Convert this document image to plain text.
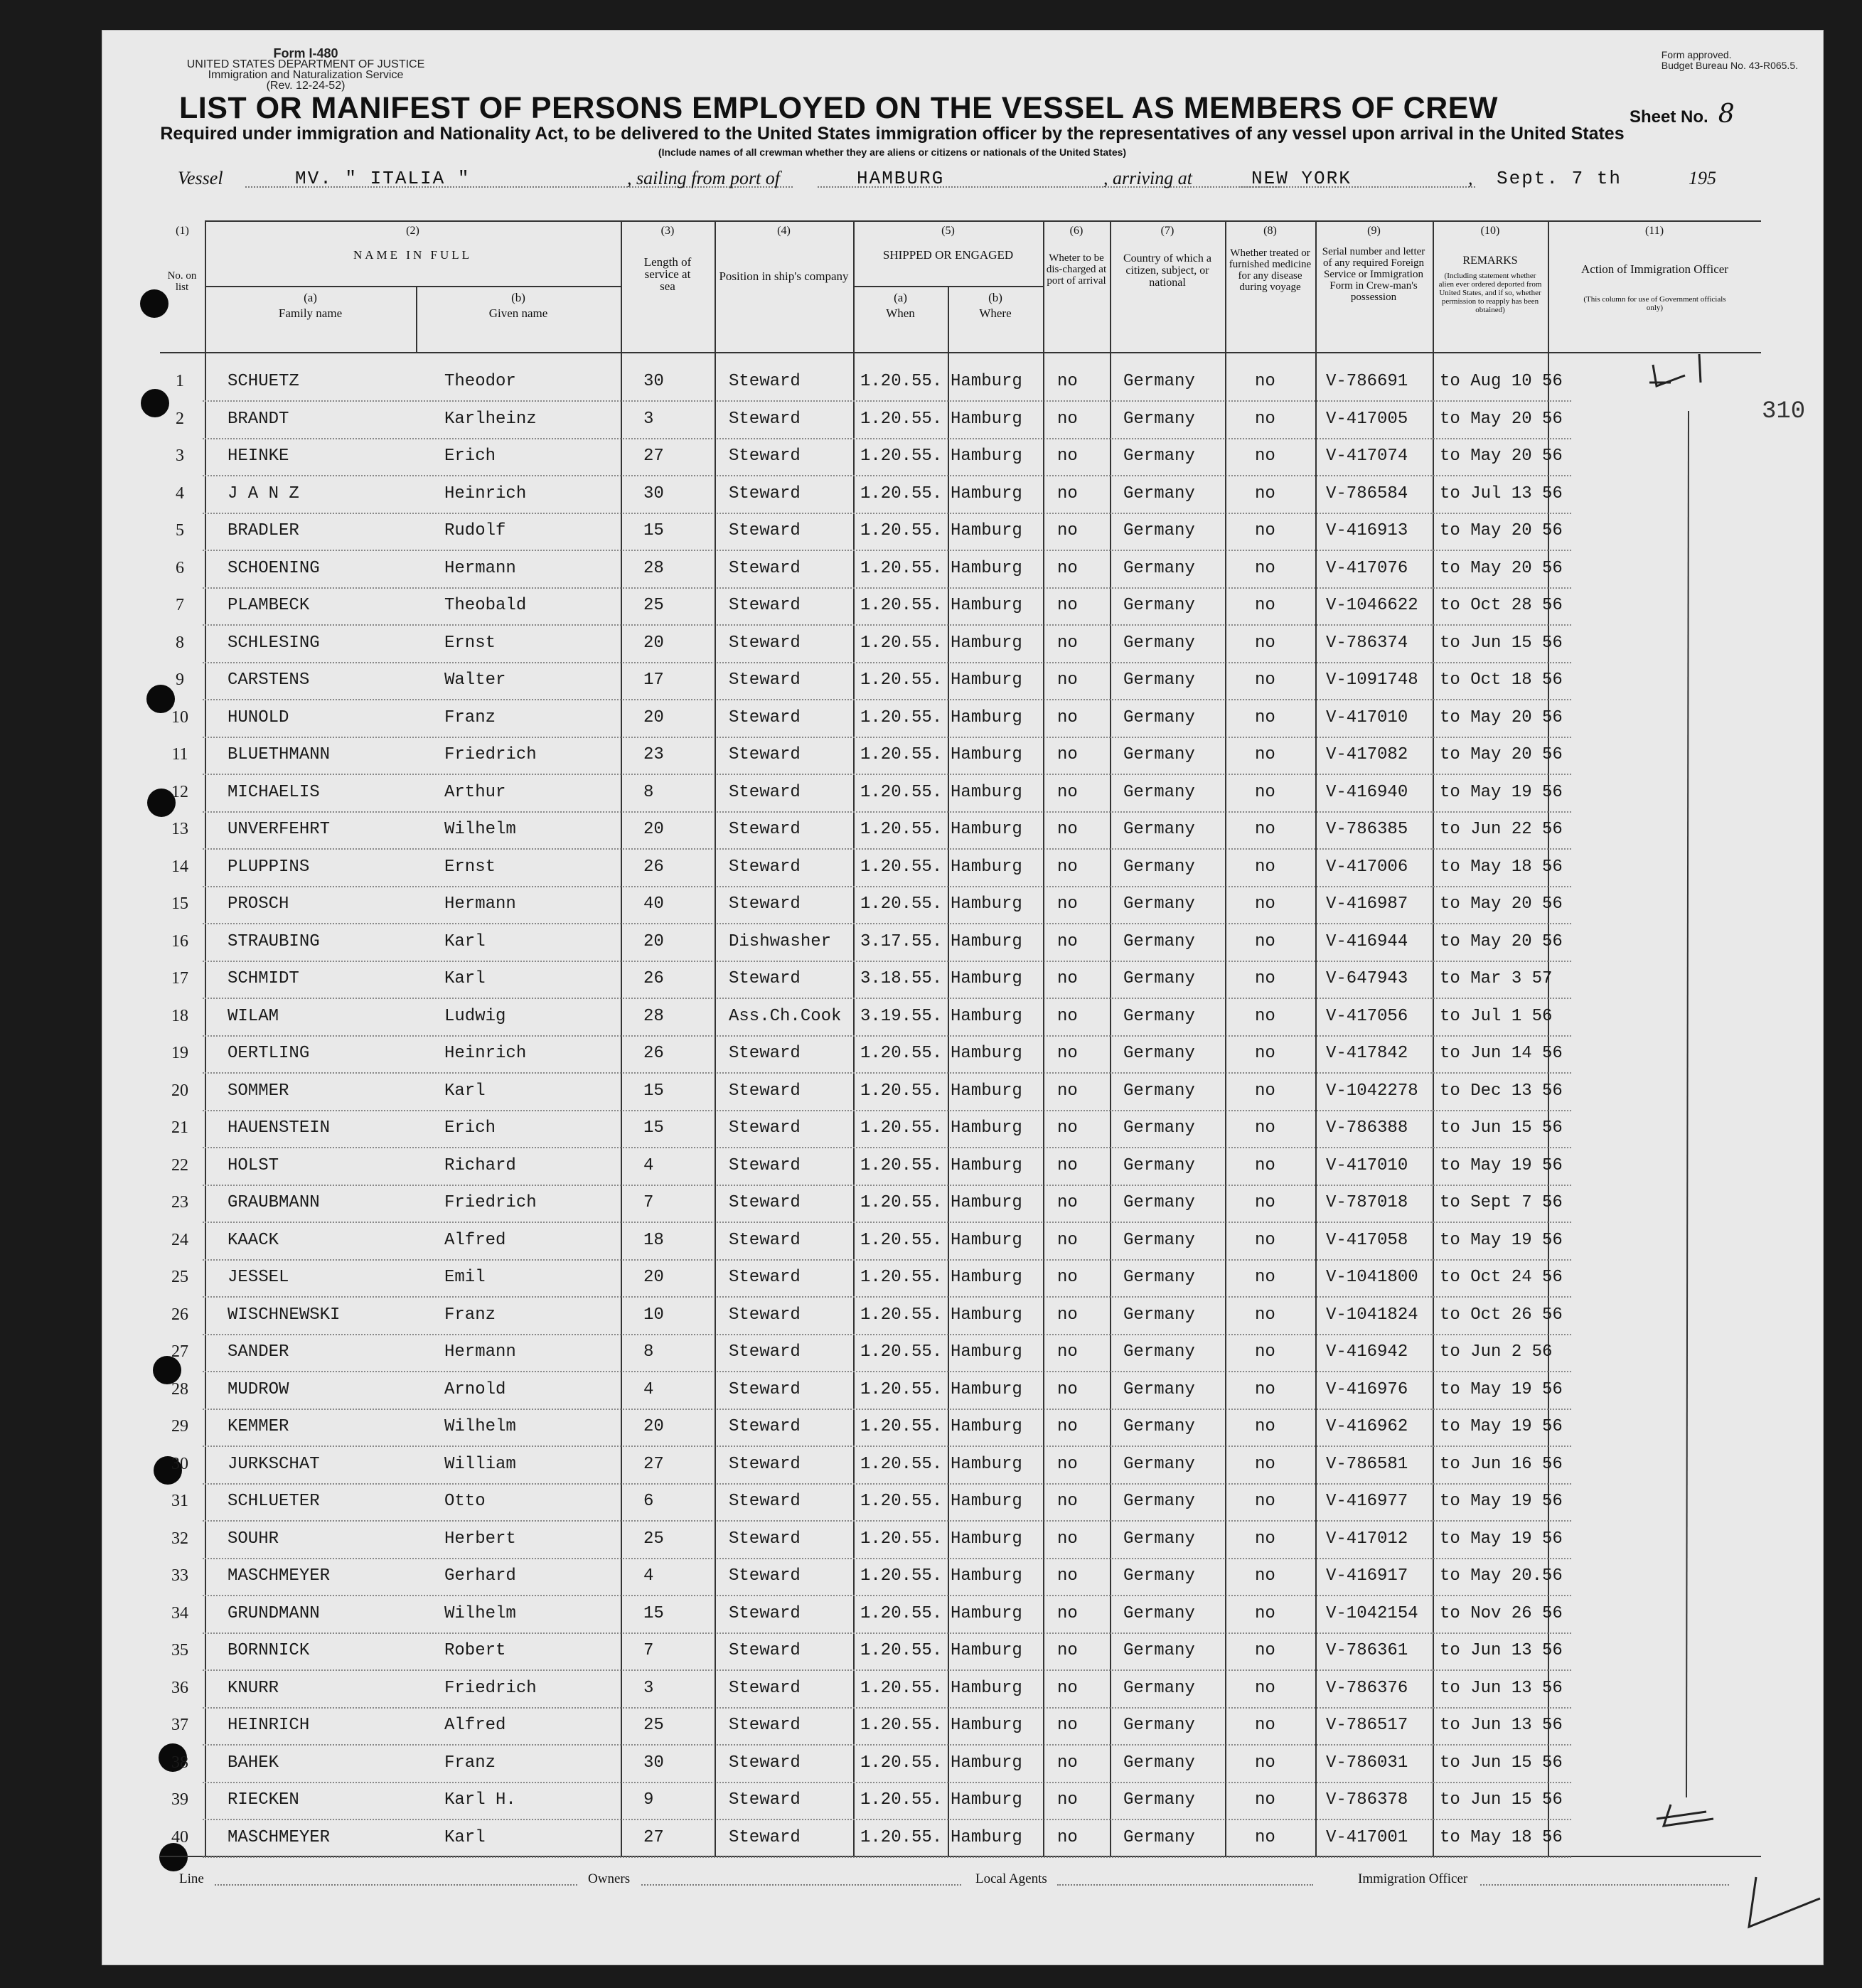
Form I-480
UNITED STATES DEPARTMENT OF JUSTICE
Immigration and Naturalization Service
(Rev. 12-24-52)
Form approved.
Budget Bureau No. 43-R065.5.
LIST OR MANIFEST OF PERSONS EMPLOYED ON THE VESSEL AS MEMBERS OF CREW	Sheet No. 8
Required under immigration and Nationality Act, to be delivered to the United States immigration officer by the representatives of any vessel upon arrival in the United States
(Include names of all crewman whether they are aliens or citizens or nationals of the United States)
Vessel	MV. " ITALIA "	, sailing from port of	HAMBURG	, arriving at	NEW YORK	, Sept. 7 th	195
(1)	(2)	(3)	(4)	(5)	(6)	(7)	(8)	(9)	(10)	(11)
No. on list
NAME IN FULL
(a)
Family name
(b)
Given name
Length of service at sea
Position in ship's company
SHIPPED OR ENGAGED
(a)
When
(b)
Where
Wheter to be dis-charged at port of arrival
Country of which a citizen, subject, or national
Whether treated or furnished medicine for any disease during voyage
Serial number and letter of any required Foreign Service or Immigration Form in Crew-man's possession
REMARKS
(Including statement whether alien ever ordered deported from United States, and if so, whether permission to reapply has been obtained)
Action of Immigration Officer
(This column for use of Government officials only)
1	SCHUETZ	Theodor	30	Steward	1.20.55. Hamburg no	Germany	no	V-786691 to Aug 10 56
2	BRANDT	Karlheinz	3	Steward	1.20.55. Hamburg no	Germany	no	V-417005 to May 20 56
3	HEINKE	Erich	27	Steward	1.20.55. Hamburg no	Germany	no	V-417074 to May 20 56
4	J A N Z	Heinrich	30	Steward	1.20.55. Hamburg no	Germany	no	V-786584 to Jul 13 56
5	BRADLER	Rudolf	15	Steward	1.20.55. Hamburg no	Germany	no	V-416913 to May 20 56
6	SCHOENING	Hermann	28	Steward	1.20.55. Hamburg no	Germany	no	V-417076 to May 20 56
7	PLAMBECK	Theobald	25	Steward	1.20.55. Hamburg no	Germany	no	V-1046622 to Oct 28 56
8	SCHLESING	Ernst	20	Steward	1.20.55. Hamburg no	Germany	no	V-786374 to Jun 15 56
9	CARSTENS	Walter	17	Steward	1.20.55. Hamburg no	Germany	no	V-1091748 to Oct 18 56
10	HUNOLD	Franz	20	Steward	1.20.55. Hamburg no	Germany	no	V-417010 to May 20 56
11	BLUETHMANN	Friedrich	23	Steward	1.20.55. Hamburg no	Germany	no	V-417082 to May 20 56
12	MICHAELIS	Arthur	8	Steward	1.20.55. Hamburg no	Germany	no	V-416940 to May 19 56
13	UNVERFEHRT	Wilhelm	20	Steward	1.20.55. Hamburg no	Germany	no	V-786385 to Jun 22 56
14	PLUPPINS	Ernst	26	Steward	1.20.55. Hamburg no	Germany	no	V-417006 to May 18 56
15	PROSCH	Hermann	40	Steward	1.20.55. Hamburg no	Germany	no	V-416987 to May 20 56
16	STRAUBING	Karl	20	Dishwasher 3.17.55. Hamburg no	Germany	no	V-416944 to May 20 56
17	SCHMIDT	Karl	26	Steward	3.18.55. Hamburg no	Germany	no	V-647943 to Mar 3 57
18	WILAM	Ludwig	28	Ass.Ch.Cook 3.19.55. Hamburg no	Germany	no	V-417056 to Jul 1 56
19	OERTLING	Heinrich	26	Steward	1.20.55. Hamburg no	Germany	no	V-417842 to Jun 14 56
20	SOMMER	Karl	15	Steward	1.20.55. Hamburg no	Germany	no	V-1042278 to Dec 13 56
21	HAUENSTEIN	Erich	15	Steward	1.20.55. Hamburg no	Germany	no	V-786388 to Jun 15 56
22	HOLST	Richard	4	Steward	1.20.55. Hamburg no	Germany	no	V-417010 to May 19 56
23	GRAUBMANN	Friedrich	7	Steward	1.20.55. Hamburg no	Germany	no	V-787018 to Sept 7 56
24	KAACK	Alfred	18	Steward	1.20.55. Hamburg no	Germany	no	V-417058 to May 19 56
25	JESSEL	Emil	20	Steward	1.20.55. Hamburg no	Germany	no	V-1041800 to Oct 24 56
26	WISCHNEWSKI	Franz	10	Steward	1.20.55. Hamburg no	Germany	no	V-1041824 to Oct 26 56
27	SANDER	Hermann	8	Steward	1.20.55. Hamburg no	Germany	no	V-416942 to Jun 2 56
28	MUDROW	Arnold	4	Steward	1.20.55. Hamburg no	Germany	no	V-416976 to May 19 56
29	KEMMER	Wilhelm	20	Steward	1.20.55. Hamburg no	Germany	no	V-416962 to May 19 56
30	JURKSCHAT	William	27	Steward	1.20.55. Hamburg no	Germany	no	V-786581 to Jun 16 56
31	SCHLUETER	Otto	6	Steward	1.20.55. Hamburg no	Germany	no	V-416977 to May 19 56
32	SOUHR	Herbert	25	Steward	1.20.55. Hamburg no	Germany	no	V-417012 to May 19 56
33	MASCHMEYER	Gerhard	4	Steward	1.20.55. Hamburg no	Germany	no	V-416917 to May 20.56
34	GRUNDMANN	Wilhelm	15	Steward	1.20.55. Hamburg no	Germany	no	V-1042154 to Nov 26 56
35	BORNNICK	Robert	7	Steward	1.20.55. Hamburg no	Germany	no	V-786361 to Jun 13 56
36	KNURR	Friedrich	3	Steward	1.20.55. Hamburg no	Germany	no	V-786376 to Jun 13 56
37	HEINRICH	Alfred	25	Steward	1.20.55. Hamburg no	Germany	no	V-786517 to Jun 13 56
38	BAHEK	Franz	30	Steward	1.20.55. Hamburg no	Germany	no	V-786031 to Jun 15 56
39	RIECKEN	Karl H.	9	Steward	1.20.55. Hamburg no	Germany	no	V-786378 to Jun 15 56
40	MASCHMEYER	Karl	27	Steward	1.20.55. Hamburg no	Germany	no	V-417001 to May 18 56
310
Line	Owners	Local Agents	Immigration Officer
